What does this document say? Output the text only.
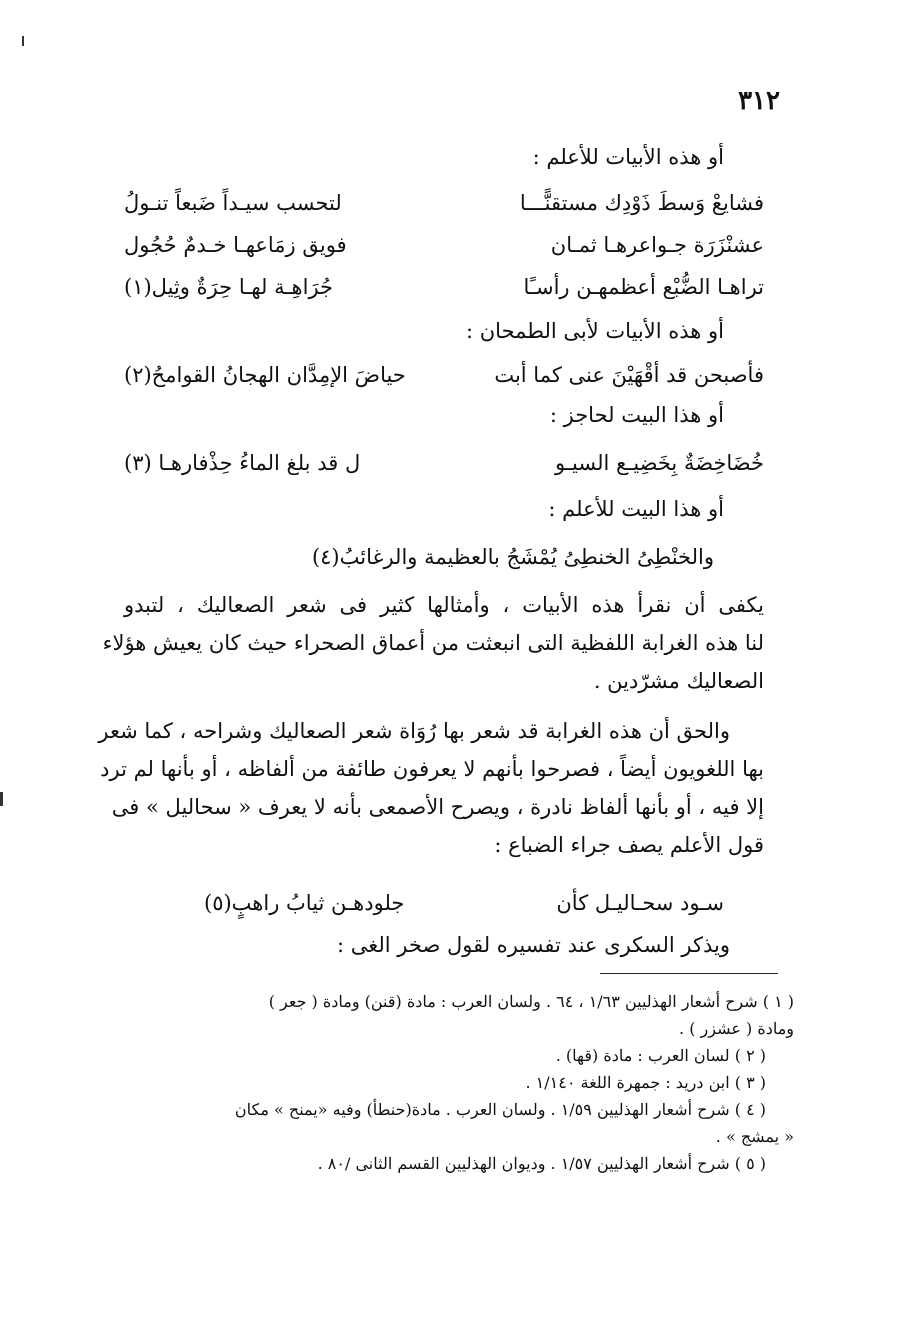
٣١٢
أو هذه الأبيات للأعلم :
فشايعْ وَسطَ ذَوْدِك مستقنًّـــا
لتحسب سيـداً ضَبعاً تنـولُ
عشنْزَرَة جـواعرهـا ثمـان
فويق زمَاعهـا خـدمٌ حُجُول
تراهـا الضُّبْع أعظمهـن رأسـًا
جُرَاهِـة لهـا حِرَةٌ وثِيل(١)
أو هذه الأبيات لأبى الطمحان :
فأصبحن قد أقْهَيْنَ عنى كما أبت
حياضَ الإمِدَّان الهجانُ القوامحُ(٢)
أو هذا البيت لحاجز :
خُضَاخِضَةٌ بِخَضِيـع السيـو
ل قد بلغ الماءُ حِذْفارهـا (٣)
أو هذا البيت للأعلم :
والخنْطِىُ الخنطِىُ يُمْشَجُ بالعظيمة والرغائبُ(٤)
يكفى أن نقرأ هذه الأبيات ، وأمثالها كثير فى شعر الصعاليك ، لتبدو
لنا هذه الغرابة اللفظية التى انبعثت من أعماق الصحراء حيث كان يعيش هؤلاء
الصعاليك مشرّدين .
والحق أن هذه الغرابة قد شعر بها رُوَاة شعر الصعاليك وشراحه ، كما شعر
بها اللغويون أيضاً ، فصرحوا بأنهم لا يعرفون طائفة من ألفاظه ، أو بأنها لم ترد
إلا فيه ، أو بأنها ألفاظ نادرة ، ويصرح الأصمعى بأنه لا يعرف « سحاليل » فى
قول الأعلم يصف جراء الضباع :
سـود سحـاليـل كأن
جلودهـن ثيابُ راهبٍ(٥)
ويذكر السكرى عند تفسيره لقول صخر الغى :
( ١ ) شرح أشعار الهذليين ١/٦٣ ، ٦٤ . ولسان العرب : مادة (قنن) ومادة ( جعر )
ومادة ( عشزر ) .
( ٢ ) لسان العرب : مادة (قها) .
( ٣ ) ابن دريد : جمهرة اللغة ١/١٤٠ .
( ٤ ) شرح أشعار الهذليين ١/٥٩ . ولسان العرب . مادة(حنطأ) وفيه «يمنح » مكان
« يمشج » .
( ٥ ) شرح أشعار الهذليين ١/٥٧ . وديوان الهذليين القسم الثانى /٨٠ .
